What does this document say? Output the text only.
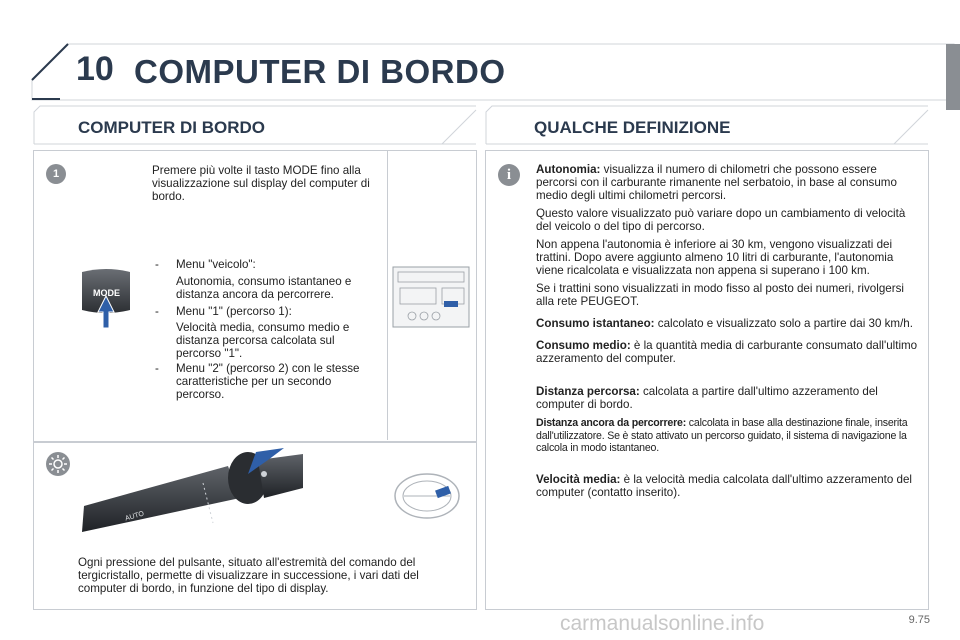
10 COMPUTER DI BORDO
COMPUTER DI BORDO	QUALCHE DEFINIZIONE
1	Premere più volte il tasto MODE fino alla visualizzazione sul display del computer di bordo.
MODE
- Menu "veicolo":
Autonomia, consumo istantaneo e distanza ancora da percorrere.
- Menu "1" (percorso 1):
Velocità media, consumo medio e distanza percorsa calcolata sul percorso "1".
- Menu "2" (percorso 2) con le stesse caratteristiche per un secondo percorso.
AUTO
Ogni pressione del pulsante, situato all'estremità del comando del tergicristallo, permette di visualizzare in successione, i vari dati del computer di bordo, in funzione del tipo di display.
i	Autonomia: visualizza il numero di chilometri che possono essere percorsi con il carburante rimanente nel serbatoio, in base al consumo medio degli ultimi chilometri percorsi.

Questo valore visualizzato può variare dopo un cambiamento di velocità del veicolo o del tipo di percorso.

Non appena l'autonomia è inferiore ai 30 km, vengono visualizzati dei trattini. Dopo avere aggiunto almeno 10 litri di carburante, l'autonomia viene ricalcolata e visualizzata non appena si superano i 100 km.

Se i trattini sono visualizzati in modo fisso al posto dei numeri, rivolgersi alla rete PEUGEOT.

Consumo istantaneo: calcolato e visualizzato solo a partire dai 30 km/h.

Consumo medio: è la quantità media di carburante consumato dall'ultimo azzeramento del computer.

Distanza percorsa: calcolata a partire dall'ultimo azzeramento del computer di bordo.

Distanza ancora da percorrere: calcolata in base alla destinazione finale, inserita dall'utilizzatore. Se è stato attivato un percorso guidato, il sistema di navigazione la calcola in modo istantaneo.

Velocità media: è la velocità media calcolata dall'ultimo azzeramento del computer (contatto inserito).

carmanualsonline.info	9.75
